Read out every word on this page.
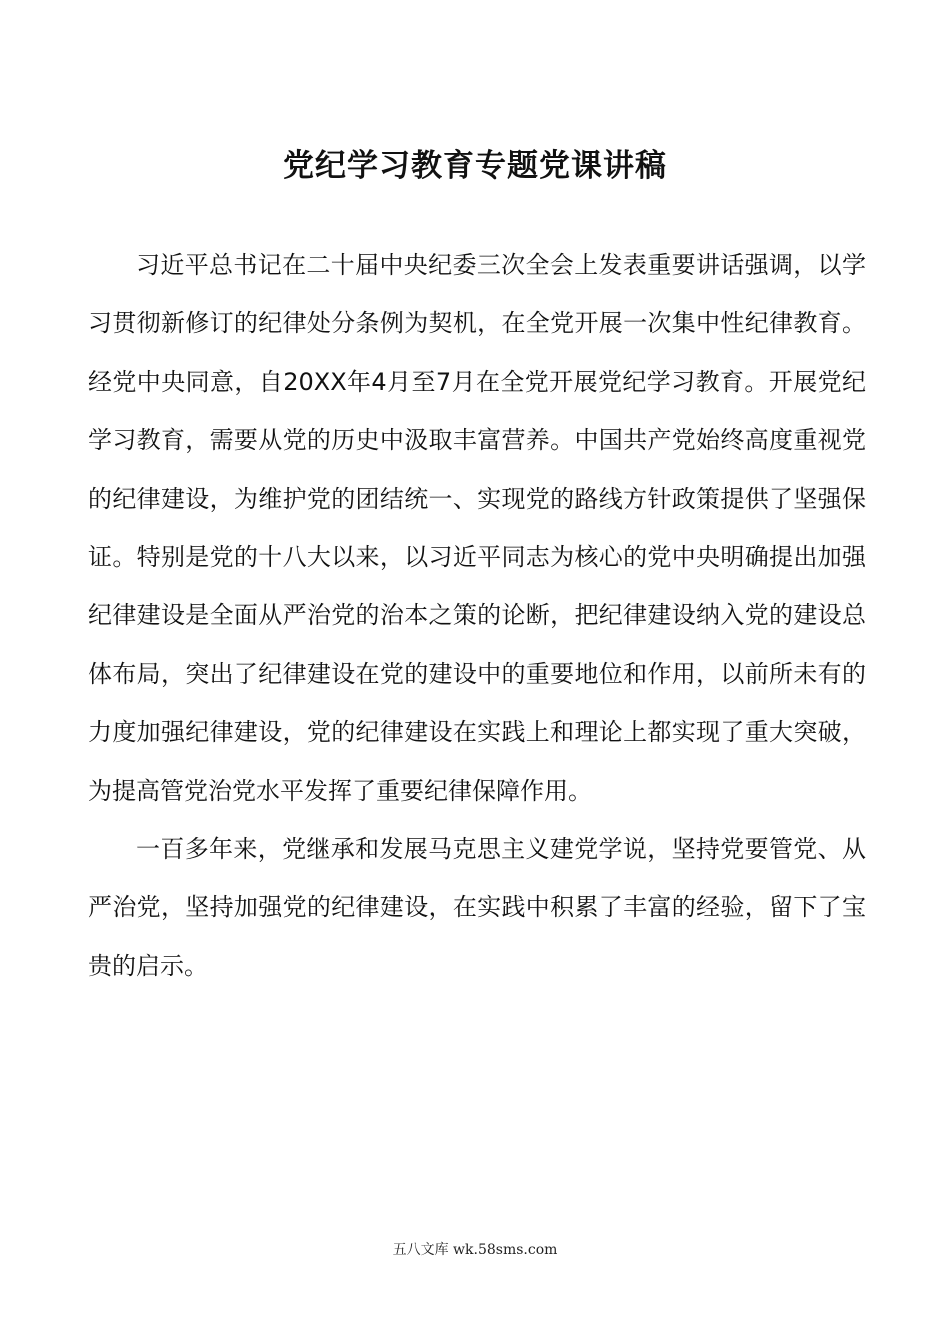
党纪学习教育专题党课讲稿

习近平总书记在二十届中央纪委三次全会上发表重要讲话强调，以学习贯彻新修订的纪律处分条例为契机，在全党开展一次集中性纪律教育。经党中央同意，自20XX年4月至7月在全党开展党纪学习教育。开展党纪学习教育，需要从党的历史中汲取丰富营养。中国共产党始终高度重视党的纪律建设，为维护党的团结统一、实现党的路线方针政策提供了坚强保证。特别是党的十八大以来，以习近平同志为核心的党中央明确提出加强纪律建设是全面从严治党的治本之策的论断，把纪律建设纳入党的建设总体布局，突出了纪律建设在党的建设中的重要地位和作用，以前所未有的力度加强纪律建设，党的纪律建设在实践上和理论上都实现了重大突破，为提高管党治党水平发挥了重要纪律保障作用。

一百多年来，党继承和发展马克思主义建党学说，坚持党要管党、从严治党，坚持加强党的纪律建设，在实践中积累了丰富的经验，留下了宝贵的启示。

五八文库 wk.58sms.com
